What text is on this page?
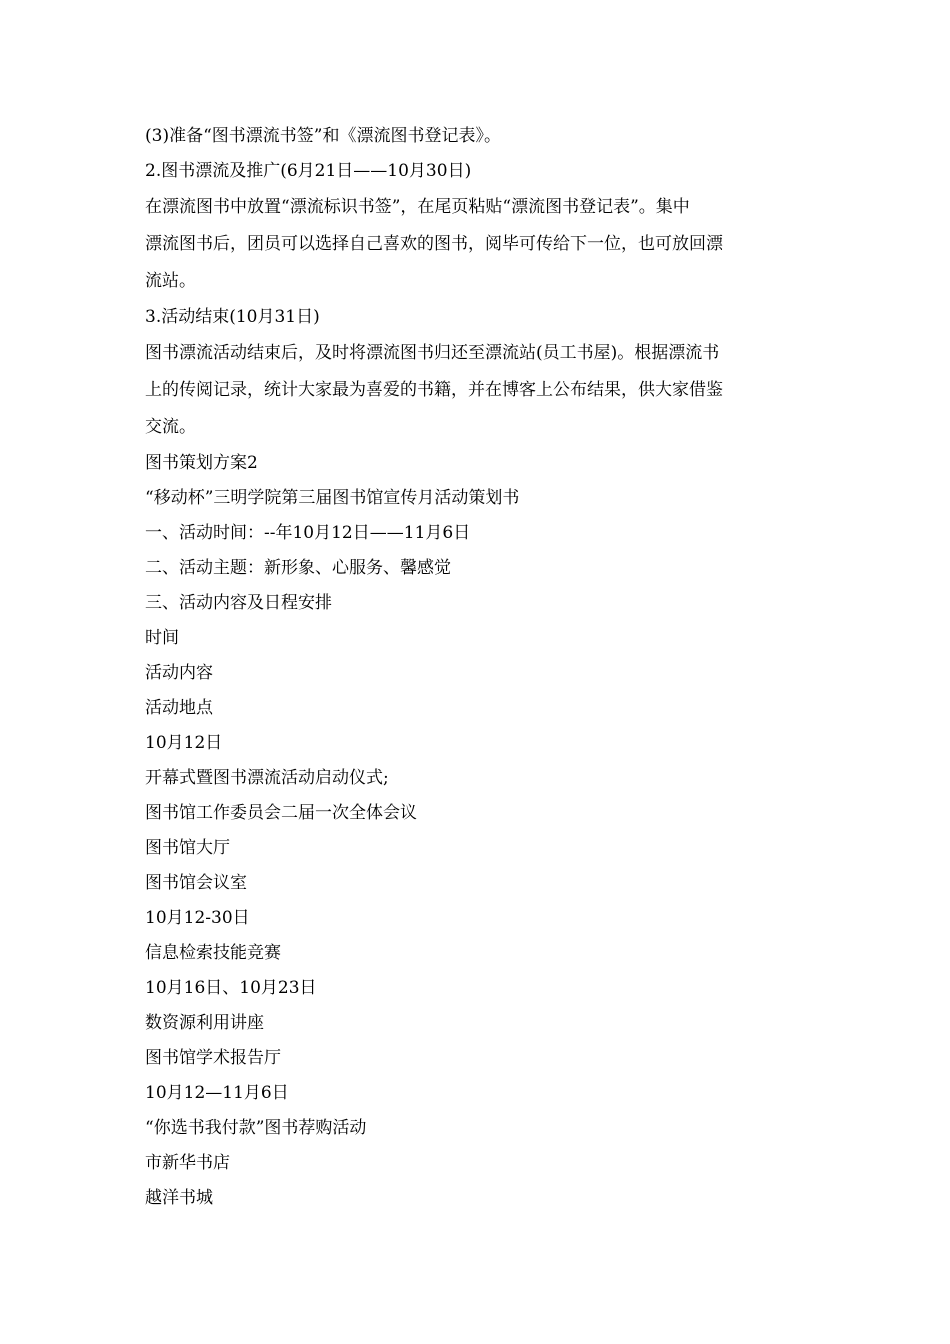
(3)准备“图书漂流书签”和《漂流图书登记表》。
2.图书漂流及推广(6月21日——10月30日)
在漂流图书中放置“漂流标识书签”，在尾页粘贴“漂流图书登记表”。集中
漂流图书后，团员可以选择自己喜欢的图书，阅毕可传给下一位，也可放回漂
流站。
3.活动结束(10月31日)
图书漂流活动结束后，及时将漂流图书归还至漂流站(员工书屋)。根据漂流书
上的传阅记录，统计大家最为喜爱的书籍，并在博客上公布结果，供大家借鉴
交流。
图书策划方案2
“移动杯”三明学院第三届图书馆宣传月活动策划书
一、活动时间：--年10月12日——11月6日
二、活动主题：新形象、心服务、馨感觉
三、活动内容及日程安排
时间
活动内容
活动地点
10月12日
开幕式暨图书漂流活动启动仪式;
图书馆工作委员会二届一次全体会议
图书馆大厅
图书馆会议室
10月12-30日
信息检索技能竞赛
10月16日、10月23日
数资源利用讲座
图书馆学术报告厅
10月12—11月6日
“你选书我付款”图书荐购活动
市新华书店
越洋书城
